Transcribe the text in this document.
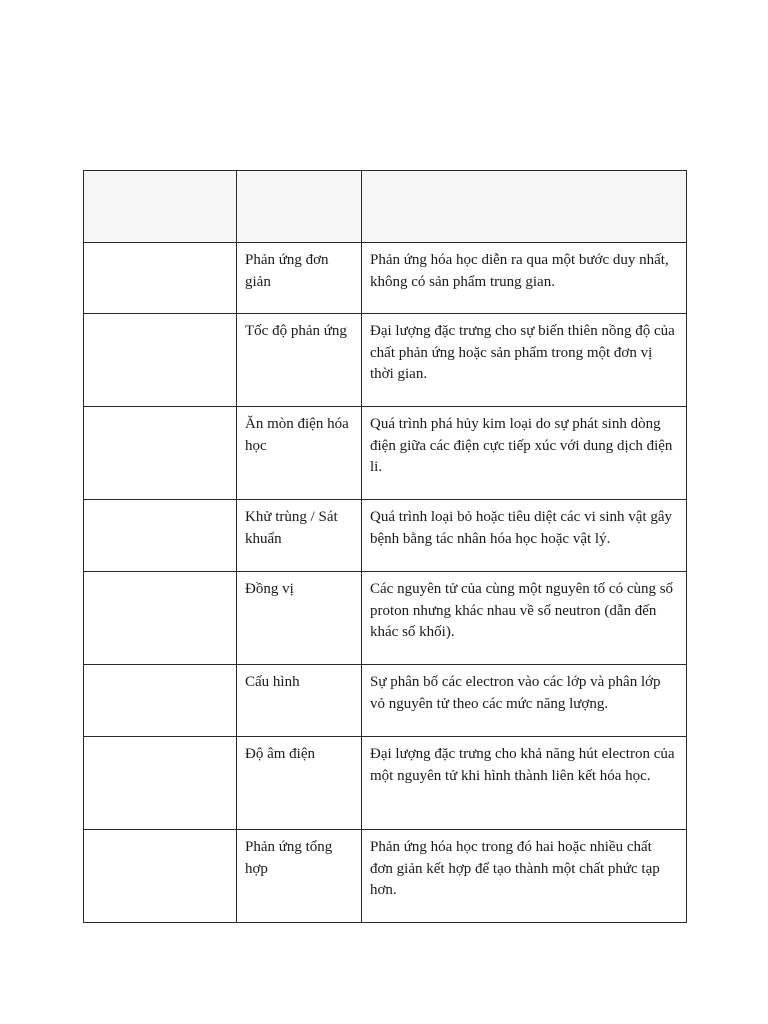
	Phản ứng đơn giản	Phản ứng hóa học diễn ra qua một bước duy nhất, không có sản phẩm trung gian.
	Tốc độ phản ứng	Đại lượng đặc trưng cho sự biến thiên nồng độ của chất phản ứng hoặc sản phẩm trong một đơn vị thời gian.
	Ăn mòn điện hóa học	Quá trình phá hủy kim loại do sự phát sinh dòng điện giữa các điện cực tiếp xúc với dung dịch điện li.
	Khử trùng / Sát khuẩn	Quá trình loại bỏ hoặc tiêu diệt các vi sinh vật gây bệnh bằng tác nhân hóa học hoặc vật lý.
	Đồng vị	Các nguyên tử của cùng một nguyên tố có cùng số proton nhưng khác nhau về số neutron (dẫn đến khác số khối).
	Cấu hình	Sự phân bố các electron vào các lớp và phân lớp vỏ nguyên tử theo các mức năng lượng.
	Độ âm điện	Đại lượng đặc trưng cho khả năng hút electron của một nguyên tử khi hình thành liên kết hóa học.
	Phản ứng tổng hợp	Phản ứng hóa học trong đó hai hoặc nhiều chất đơn giản kết hợp để tạo thành một chất phức tạp hơn.
